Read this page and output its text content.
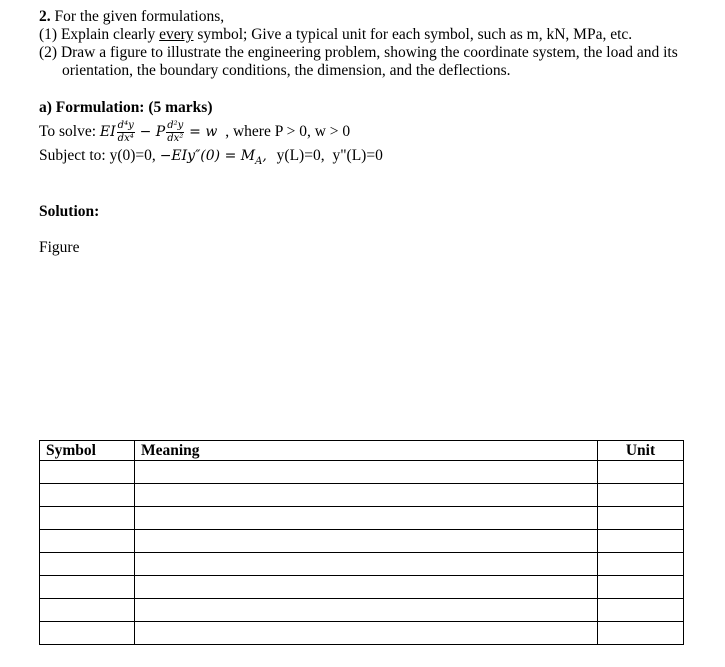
2. For the given formulations,
(1) Explain clearly every symbol; Give a typical unit for each symbol, such as m, kN, MPa, etc.
(2) Draw a figure to illustrate the engineering problem, showing the coordinate system, the load and its
orientation, the boundary conditions, the dimension, and the deflections.
a) Formulation: (5 marks)
To solve: EI $\frac{\text{d⁴y}}{\text{dx⁴}} - P \frac{\text{d²y}}{\text{dx²}} = w$ , where P > 0, w > 0
Subject to: y(0)=0, $-EIy''(0) = M_A$, y(L)=0, y"(L)=0
Solution:
Figure
Symbol	Meaning	Unit
